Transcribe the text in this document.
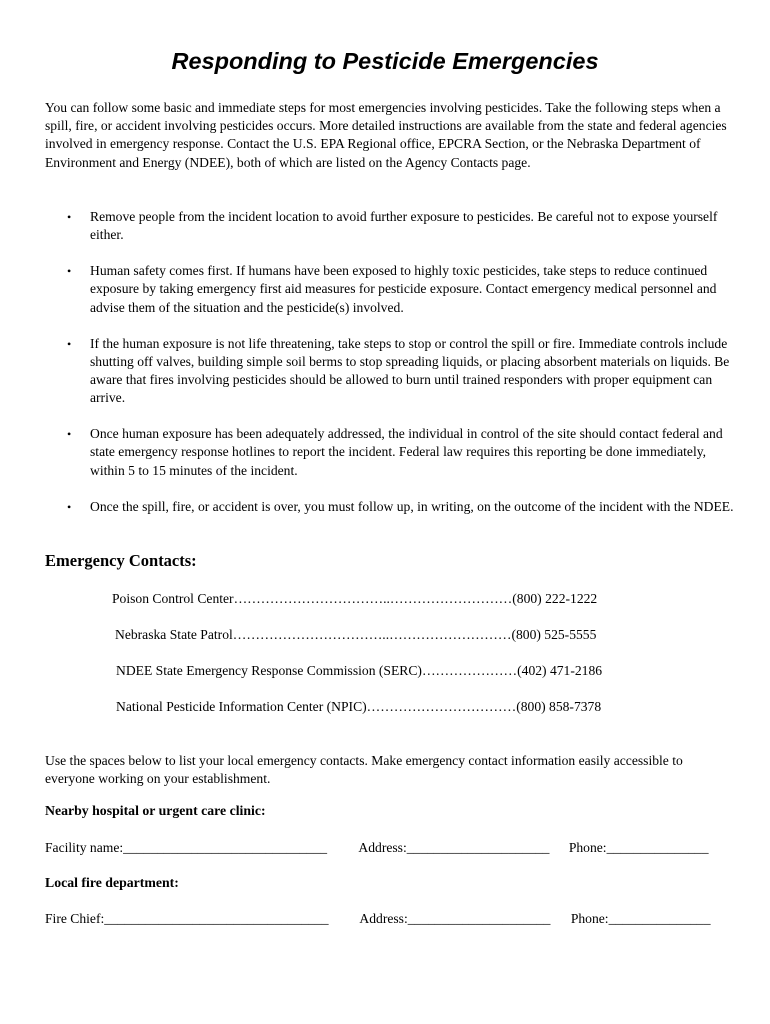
Responding to Pesticide Emergencies

You can follow some basic and immediate steps for most emergencies involving pesticides. Take the following steps when a spill, fire, or accident involving pesticides occurs. More detailed instructions are available from the state and federal agencies involved in emergency response. Contact the U.S. EPA Regional office, EPCRA Section, or the Nebraska Department of Environment and Energy (NDEE), both of which are listed on the Agency Contacts page.

• Remove people from the incident location to avoid further exposure to pesticides. Be careful not to expose yourself either.
• Human safety comes first. If humans have been exposed to highly toxic pesticides, take steps to reduce continued exposure by taking emergency first aid measures for pesticide exposure. Contact emergency medical personnel and advise them of the situation and the pesticide(s) involved.
• If the human exposure is not life threatening, take steps to stop or control the spill or fire. Immediate controls include shutting off valves, building simple soil berms to stop spreading liquids, or placing absorbent materials on liquids. Be aware that fires involving pesticides should be allowed to burn until trained responders with proper equipment can arrive.
• Once human exposure has been adequately addressed, the individual in control of the site should contact federal and state emergency response hotlines to report the incident. Federal law requires this reporting be done immediately, within 5 to 15 minutes of the incident.
• Once the spill, fire, or accident is over, you must follow up, in writing, on the outcome of the incident with the NDEE.
Emergency Contacts:
Poison Control Center……………………………..………………………(800) 222-1222
Nebraska State Patrol……………………………..………………………(800) 525-5555
NDEE State Emergency Response Commission (SERC)…………………(402) 471-2186
National Pesticide Information Center (NPIC)……………………………(800) 858-7378

Use the spaces below to list your local emergency contacts. Make emergency contact information easily accessible to everyone working on your establishment.

Nearby hospital or urgent care clinic:
Facility name:______________________________ Address:_____________________ Phone:_______________
Local fire department:
Fire Chief:_________________________________ Address:_____________________ Phone:_______________
